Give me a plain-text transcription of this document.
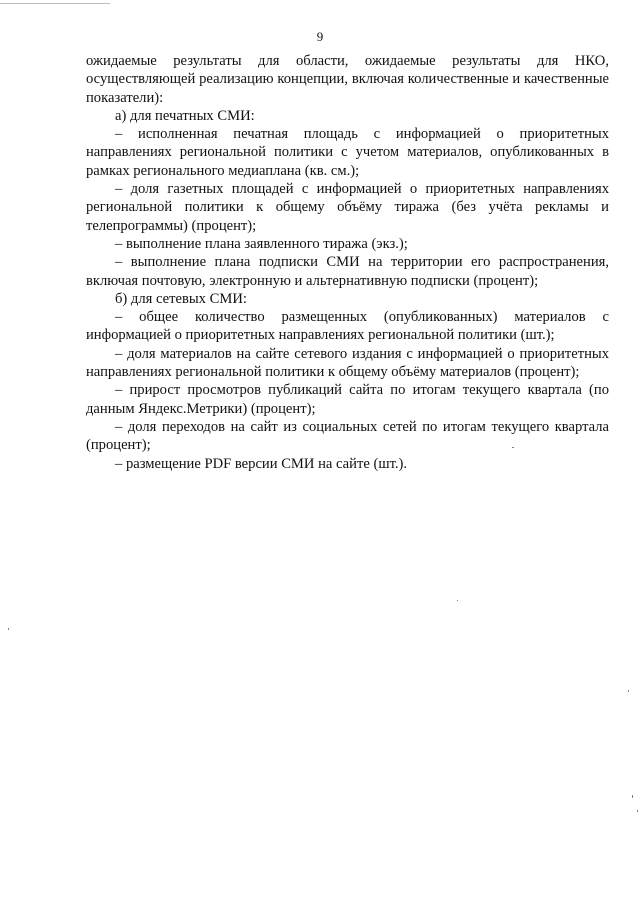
9

ожидаемые результаты для области, ожидаемые результаты для НКО, осуществляющей реализацию концепции, включая количественные и качественные показатели):

а) для печатных СМИ:

– исполненная печатная площадь с информацией о приоритетных направлениях региональной политики с учетом материалов, опубликованных в рамках регионального медиаплана (кв. см.);

– доля газетных площадей с информацией о приоритетных направлениях региональной политики к общему объёму тиража (без учёта рекламы и телепрограммы) (процент);

– выполнение плана заявленного тиража (экз.);

– выполнение плана подписки СМИ на территории его распространения, включая почтовую, электронную и альтернативную подписки (процент);

б) для сетевых СМИ:

– общее количество размещенных (опубликованных) материалов с информацией о приоритетных направлениях региональной политики (шт.);

– доля материалов на сайте сетевого издания с информацией о приоритетных направлениях региональной политики к общему объёму материалов (процент);

– прирост просмотров публикаций сайта по итогам текущего квартала (по данным Яндекс.Метрики) (процент);

– доля переходов на сайт из социальных сетей по итогам текущего квартала (процент);

– размещение PDF версии СМИ на сайте (шт.).
